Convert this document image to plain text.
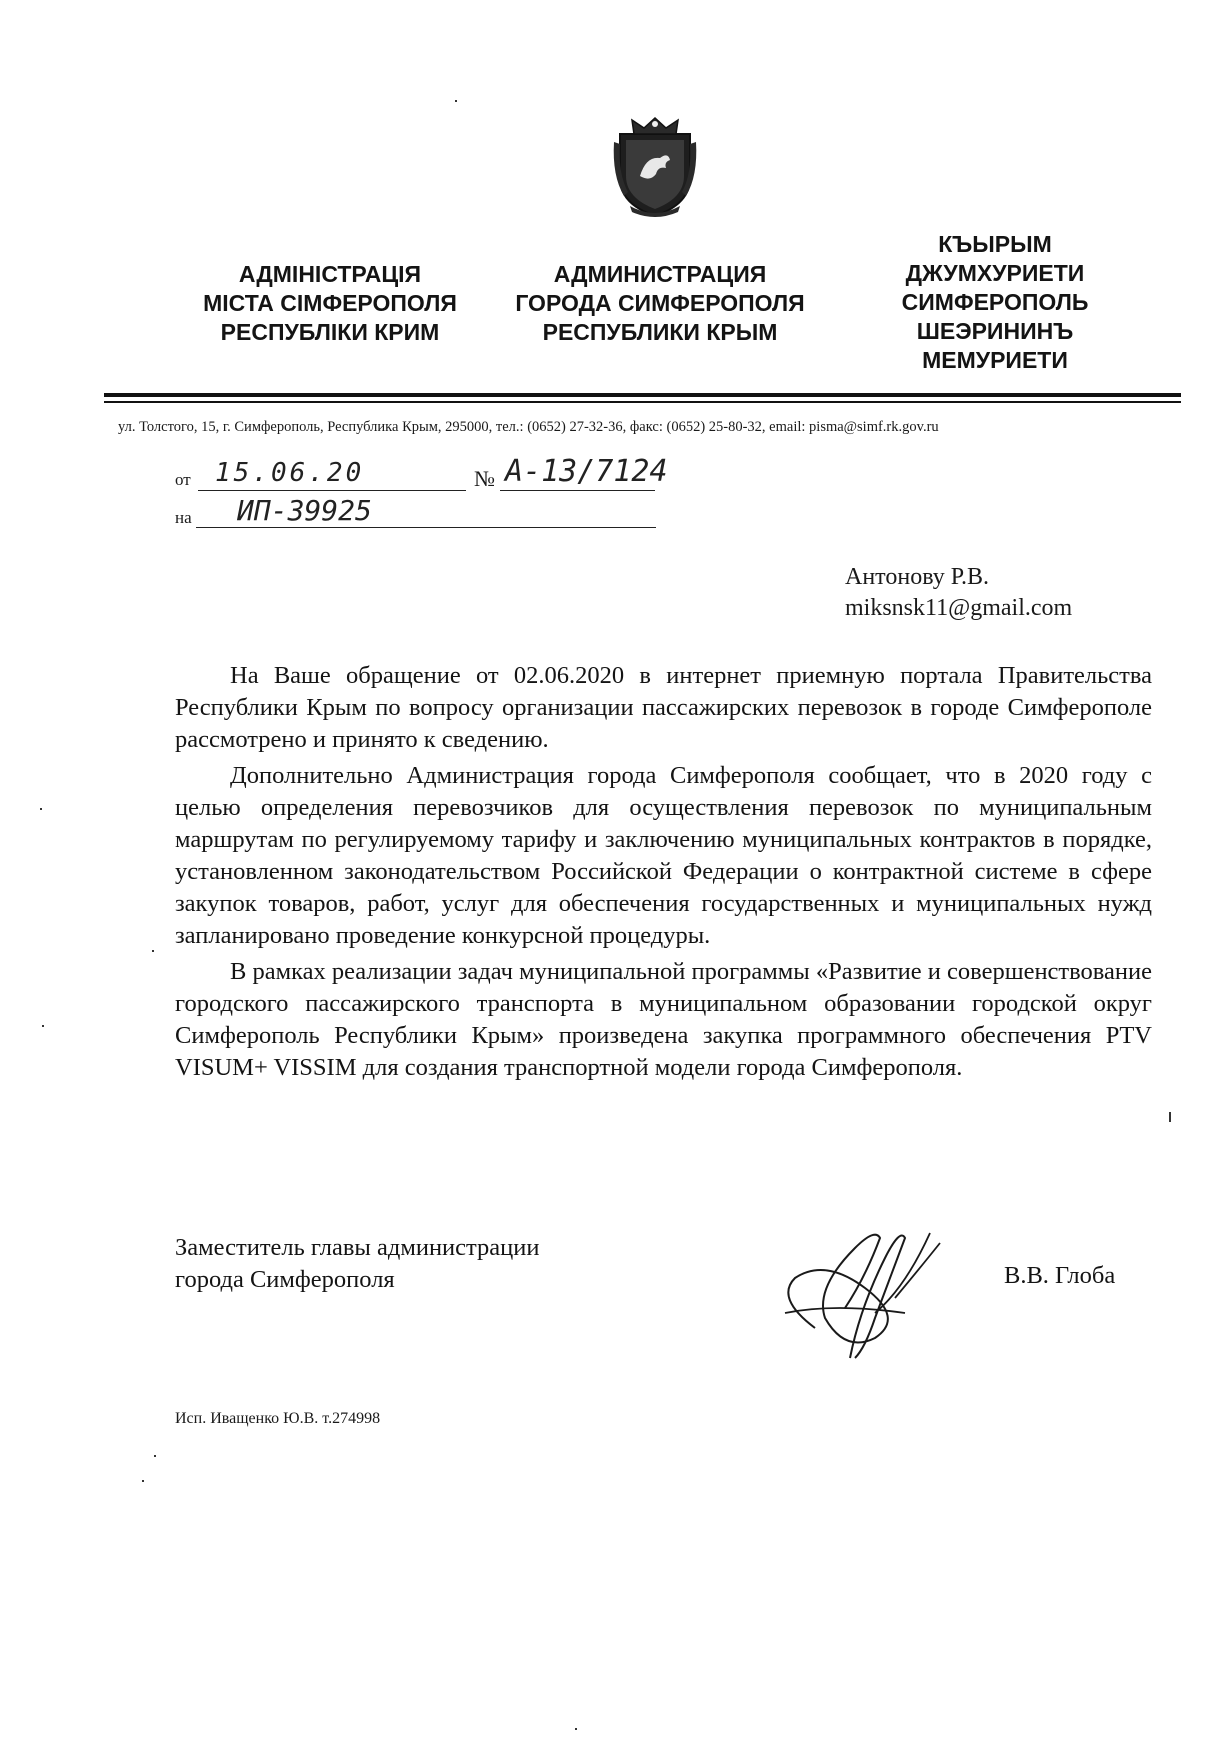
АДМІНІСТРАЦІЯ
МІСТА СІМФЕРОПОЛЯ
РЕСПУБЛІКИ КРИМ
АДМИНИСТРАЦИЯ
ГОРОДА СИМФЕРОПОЛЯ
РЕСПУБЛИКИ КРЫМ
КЪЫРЫМ
ДЖУМХУРИЕТИ
СИМФЕРОПОЛЬ
ШЕЭРИНИНЪ
МЕМУРИЕТИ
ул. Толстого, 15, г. Симферополь, Республика Крым, 295000, тел.: (0652) 27-32-36, факс: (0652) 25-80-32, email: pisma@simf.rk.gov.ru
от 15.06.20	№ А-13/7124
на ИП-39925
Антонову Р.В.
miksnsk11@gmail.com

На Ваше обращение от 02.06.2020 в интернет приемную портала Правительства Республики Крым по вопросу организации пассажирских перевозок в городе Симферополе рассмотрено и принято к сведению.

Дополнительно Администрация города Симферополя сообщает, что в 2020 году с целью определения перевозчиков для осуществления перевозок по муниципальным маршрутам по регулируемому тарифу и заключению муниципальных контрактов в порядке, установленном законодательством Российской Федерации о контрактной системе в сфере закупок товаров, работ, услуг для обеспечения государственных и муниципальных нужд запланировано проведение конкурсной процедуры.

В рамках реализации задач муниципальной программы «Развитие и совершенствование городского пассажирского транспорта в муниципальном образовании городской округ Симферополь Республики Крым» произведена закупка программного обеспечения PTV VISUM+ VISSIM для создания транспортной модели города Симферополя.

Заместитель главы администрации
города Симферополя	В.В. Глоба
Исп. Иващенко Ю.В. т.274998
